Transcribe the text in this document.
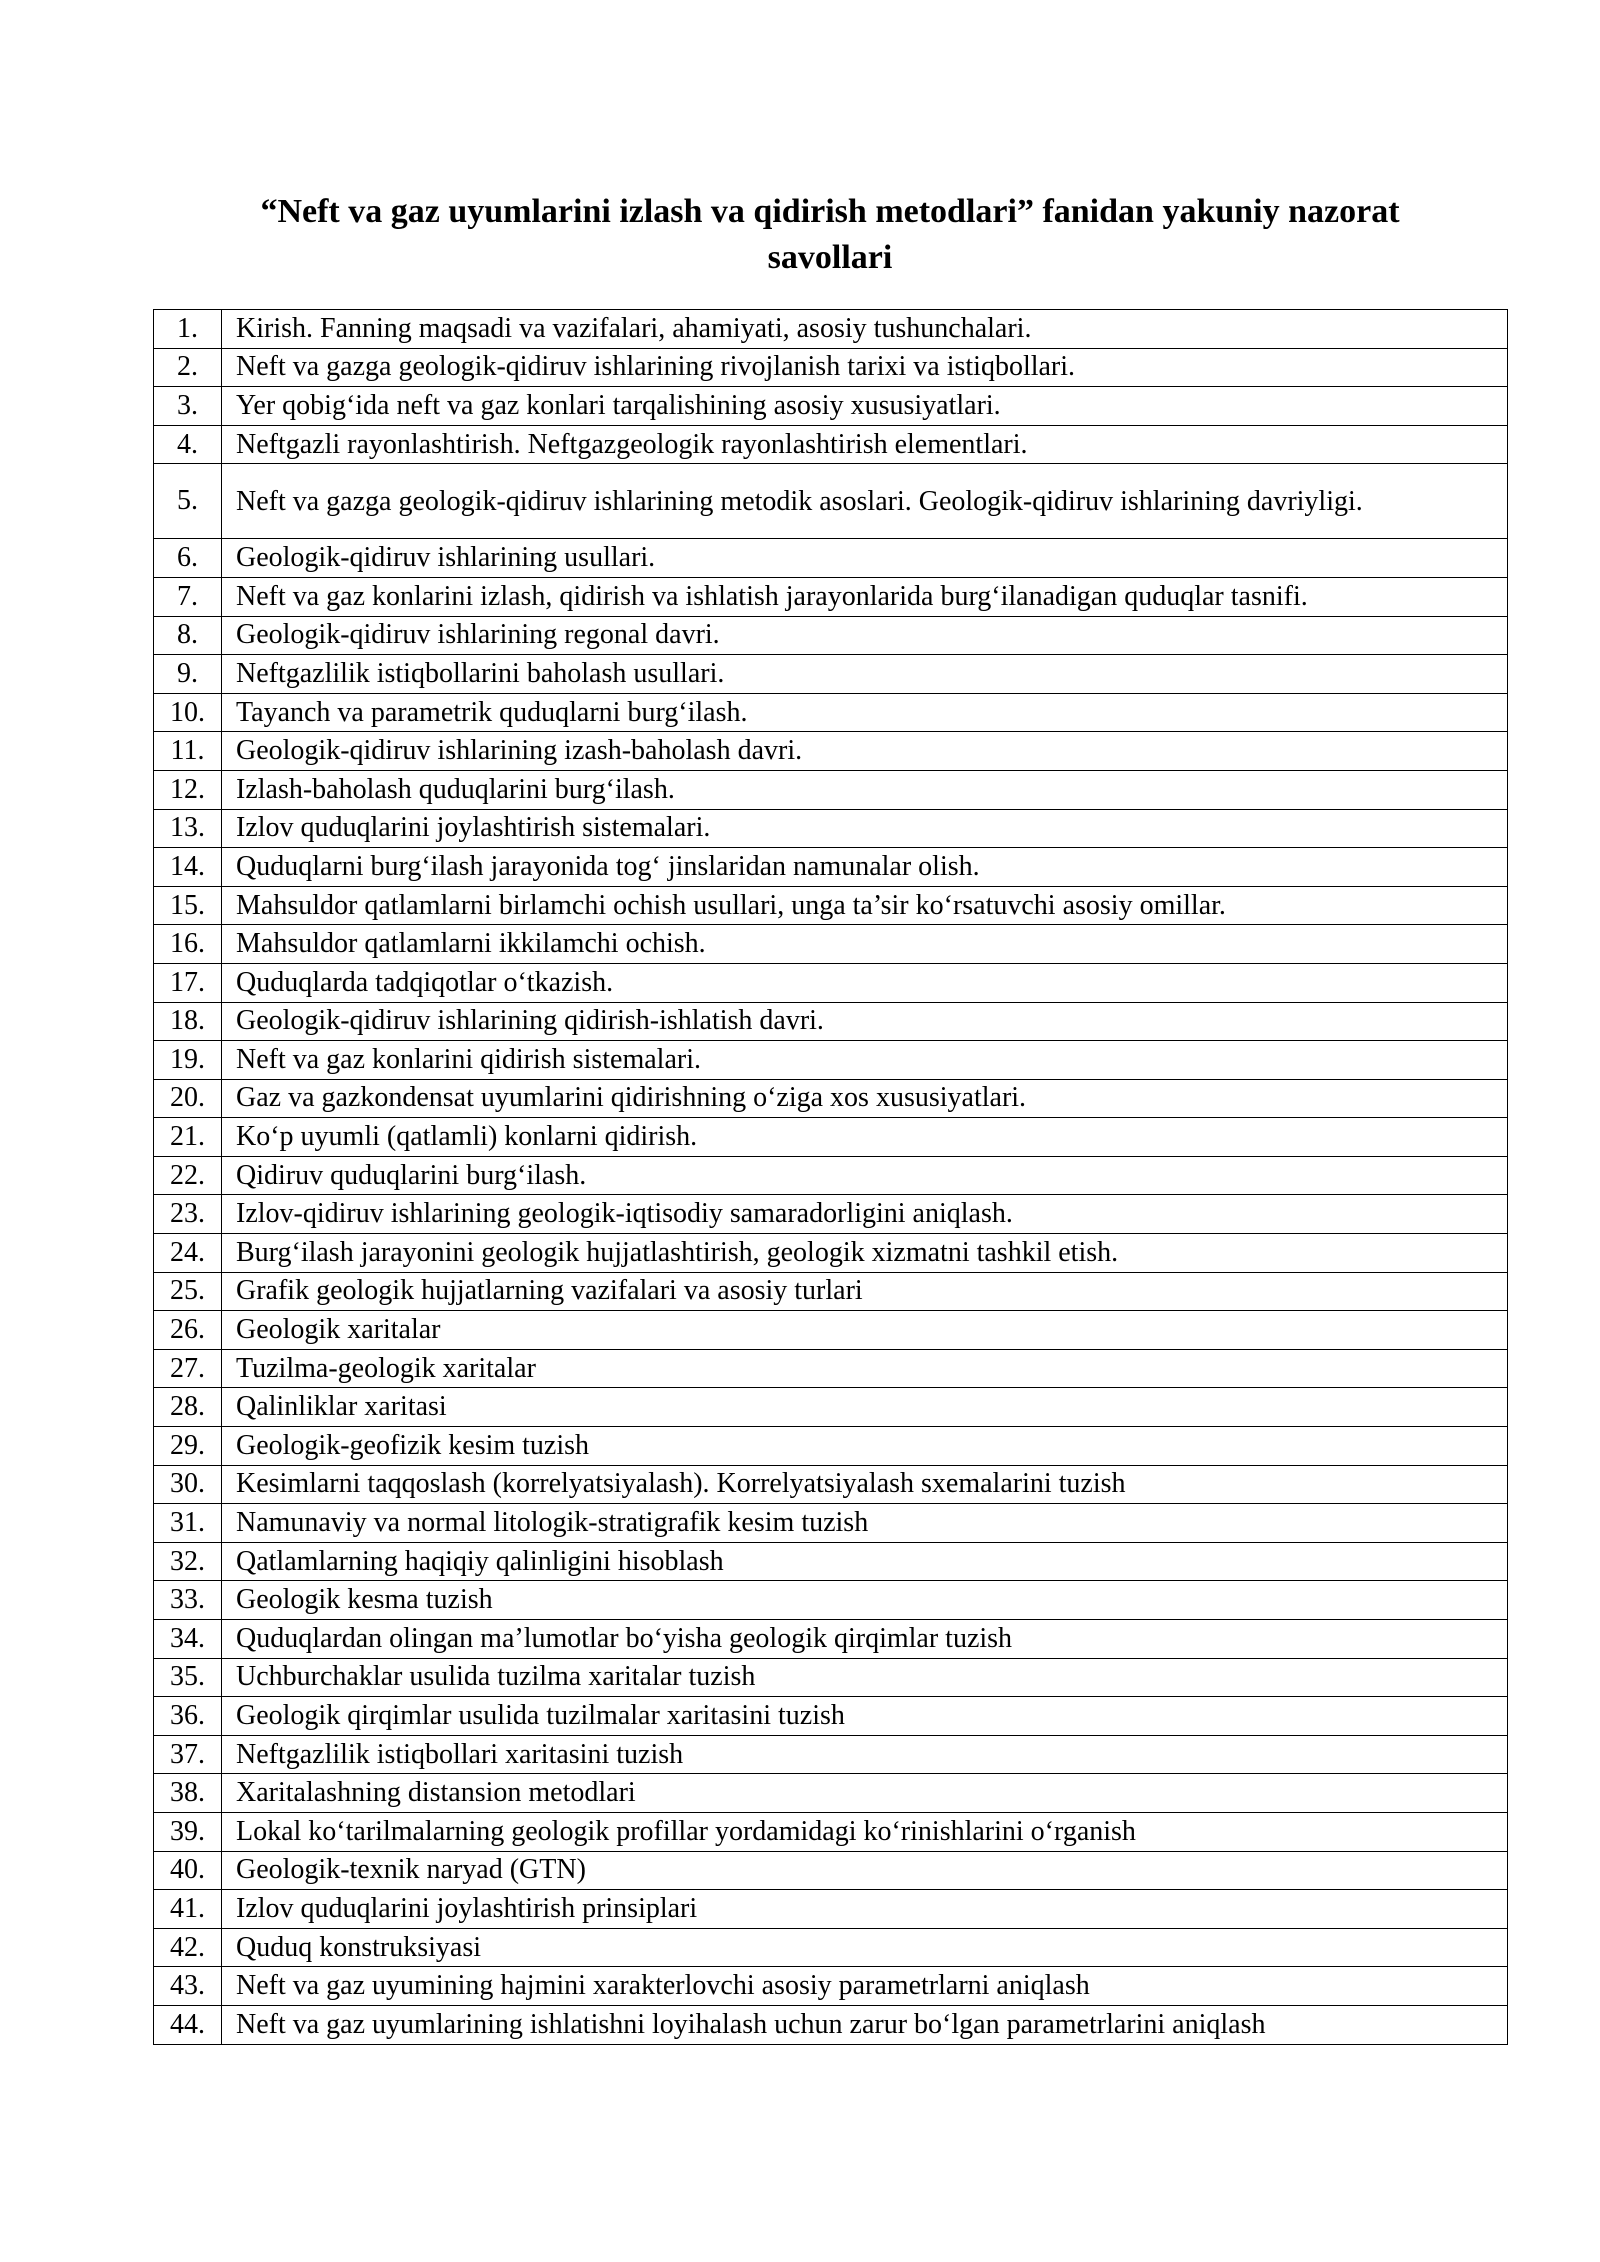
“Neft va gaz uyumlarini izlash va qidirish metodlari” fanidan yakuniy nazorat
savollari
1.	Kirish. Fanning maqsadi va vazifalari, ahamiyati, asosiy tushunchalari.
2.	Neft va gazga geologik-qidiruv ishlarining rivojlanish tarixi va istiqbollari.
3.	Yer qobig‘ida neft va gaz konlari tarqalishining asosiy xususiyatlari.
4.	Neftgazli rayonlashtirish. Neftgazgeologik rayonlashtirish elementlari.
5.	Neft va gazga geologik-qidiruv ishlarining metodik asoslari. Geologik-qidiruv ishlarining davriyligi.
6.	Geologik-qidiruv ishlarining usullari.
7.	Neft va gaz konlarini izlash, qidirish va ishlatish jarayonlarida burg‘ilanadigan quduqlar tasnifi.
8.	Geologik-qidiruv ishlarining regonal davri.
9.	Neftgazlilik istiqbollarini baholash usullari.
10.	Tayanch va parametrik quduqlarni burg‘ilash.
11.	Geologik-qidiruv ishlarining izash-baholash davri.
12.	Izlash-baholash quduqlarini burg‘ilash.
13.	Izlov quduqlarini joylashtirish sistemalari.
14.	Quduqlarni burg‘ilash jarayonida tog‘ jinslaridan namunalar olish.
15.	Mahsuldor qatlamlarni birlamchi ochish usullari, unga ta’sir ko‘rsatuvchi asosiy omillar.
16.	Mahsuldor qatlamlarni ikkilamchi ochish.
17.	Quduqlarda tadqiqotlar o‘tkazish.
18.	Geologik-qidiruv ishlarining qidirish-ishlatish davri.
19.	Neft va gaz konlarini qidirish sistemalari.
20.	Gaz va gazkondensat uyumlarini qidirishning o‘ziga xos xususiyatlari.
21.	Ko‘p uyumli (qatlamli) konlarni qidirish.
22.	Qidiruv quduqlarini burg‘ilash.
23.	Izlov-qidiruv ishlarining geologik-iqtisodiy samaradorligini aniqlash.
24.	Burg‘ilash jarayonini geologik hujjatlashtirish, geologik xizmatni tashkil etish.
25.	Grafik geologik hujjatlarning vazifalari va asosiy turlari
26.	Geologik xaritalar
27.	Tuzilma-geologik xaritalar
28.	Qalinliklar xaritasi
29.	Geologik-geofizik kesim tuzish
30.	Kesimlarni taqqoslash (korrelyatsiyalash). Korrelyatsiyalash sxemalarini tuzish
31.	Namunaviy va normal litologik-stratigrafik kesim tuzish
32.	Qatlamlarning haqiqiy qalinligini hisoblash
33.	Geologik kesma tuzish
34.	Quduqlardan olingan ma’lumotlar bo‘yisha geologik qirqimlar tuzish
35.	Uchburchaklar usulida tuzilma xaritalar tuzish
36.	Geologik qirqimlar usulida tuzilmalar xaritasini tuzish
37.	Neftgazlilik istiqbollari xaritasini tuzish
38.	Xaritalashning distansion metodlari
39.	Lokal ko‘tarilmalarning geologik profillar yordamidagi ko‘rinishlarini o‘rganish
40.	Geologik-texnik naryad (GTN)
41.	Izlov quduqlarini joylashtirish prinsiplari
42.	Quduq konstruksiyasi
43.	Neft va gaz uyumining hajmini xarakterlovchi asosiy parametrlarni aniqlash
44.	Neft va gaz uyumlarining ishlatishni loyihalash uchun zarur bo‘lgan parametrlarini aniqlash
